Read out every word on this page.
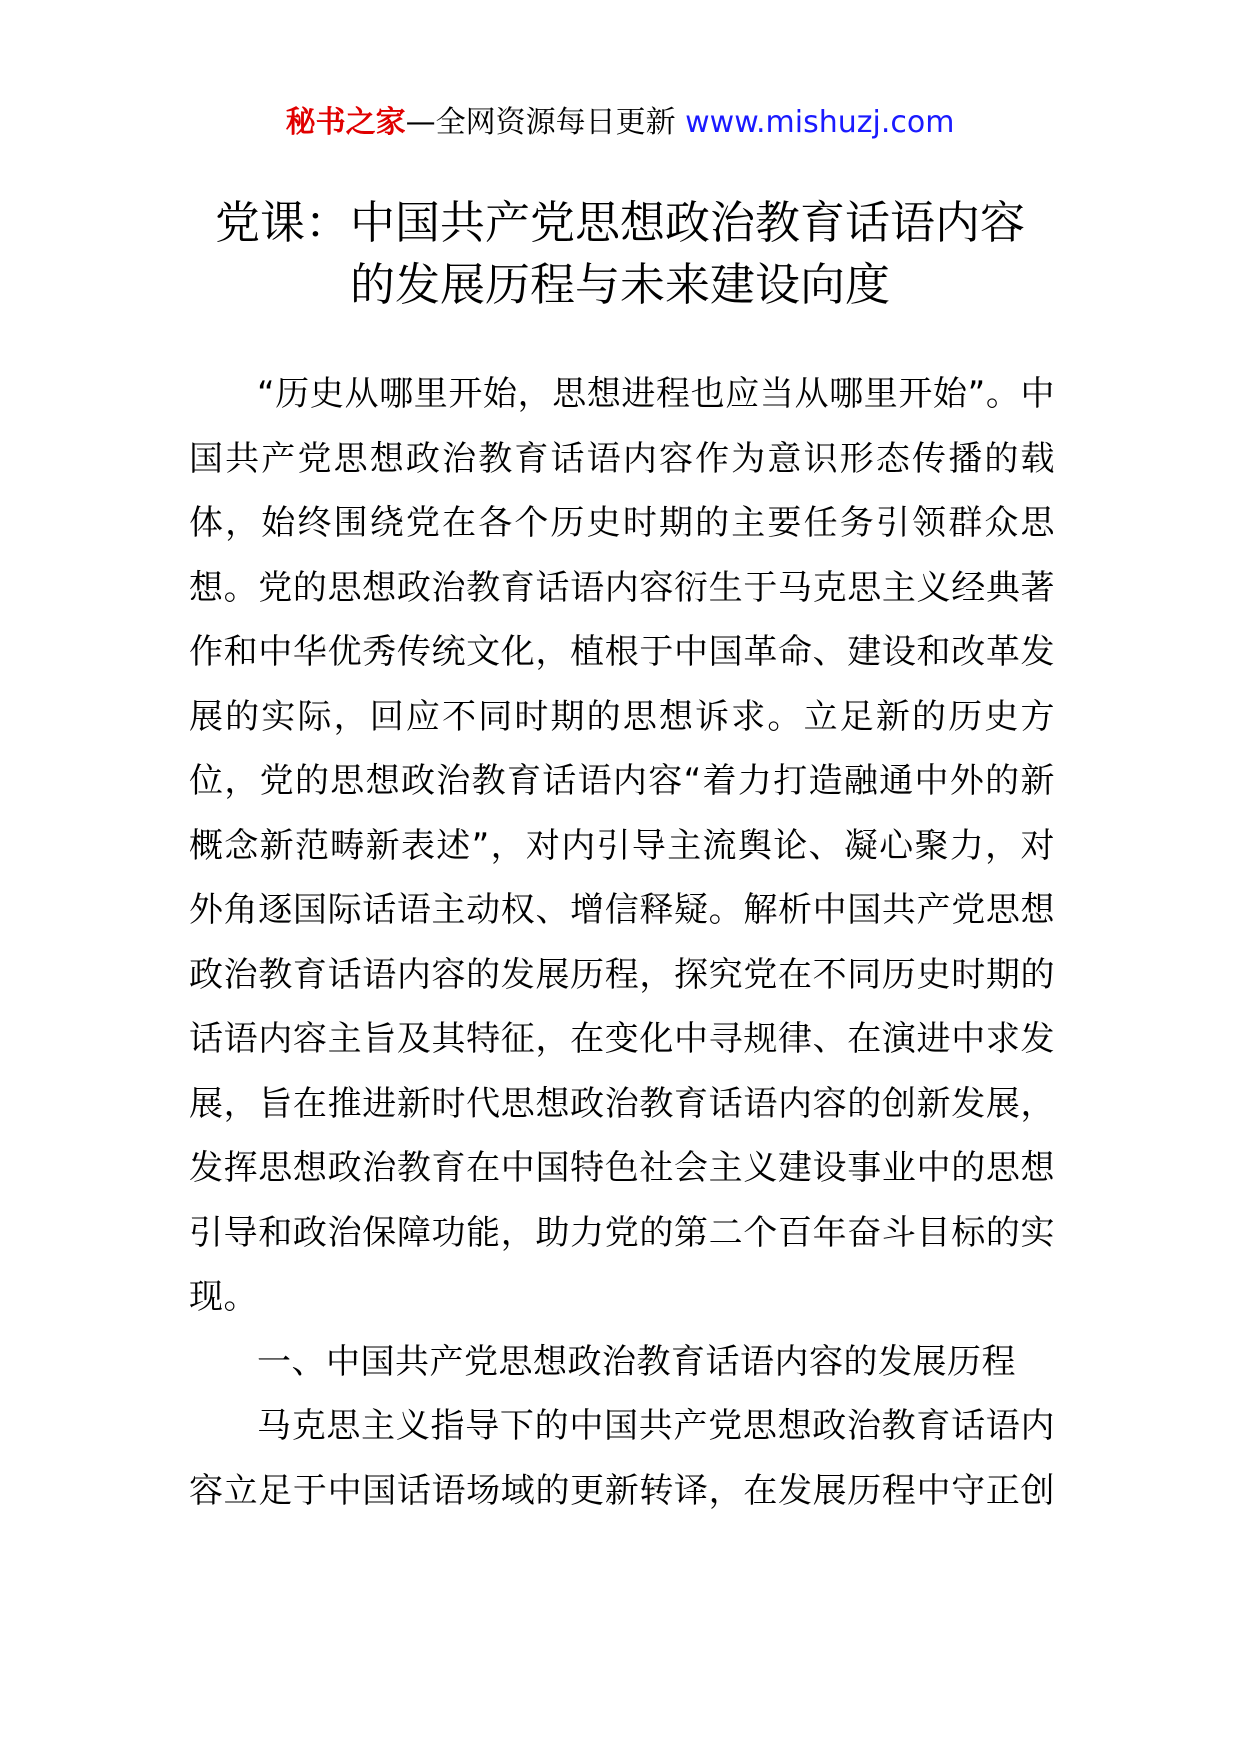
秘书之家—全网资源每日更新 www.mishuzj.com
党课：中国共产党思想政治教育话语内容
的发展历程与未来建设向度
“历史从哪里开始，思想进程也应当从哪里开始”。中
国共产党思想政治教育话语内容作为意识形态传播的载
体，始终围绕党在各个历史时期的主要任务引领群众思
想。党的思想政治教育话语内容衍生于马克思主义经典著
作和中华优秀传统文化，植根于中国革命、建设和改革发
展的实际，回应不同时期的思想诉求。立足新的历史方
位，党的思想政治教育话语内容“着力打造融通中外的新
概念新范畴新表述”，对内引导主流舆论、凝心聚力，对
外角逐国际话语主动权、增信释疑。解析中国共产党思想
政治教育话语内容的发展历程，探究党在不同历史时期的
话语内容主旨及其特征，在变化中寻规律、在演进中求发
展，旨在推进新时代思想政治教育话语内容的创新发展，
发挥思想政治教育在中国特色社会主义建设事业中的思想
引导和政治保障功能，助力党的第二个百年奋斗目标的实
现。
一、中国共产党思想政治教育话语内容的发展历程
马克思主义指导下的中国共产党思想政治教育话语内
容立足于中国话语场域的更新转译，在发展历程中守正创
